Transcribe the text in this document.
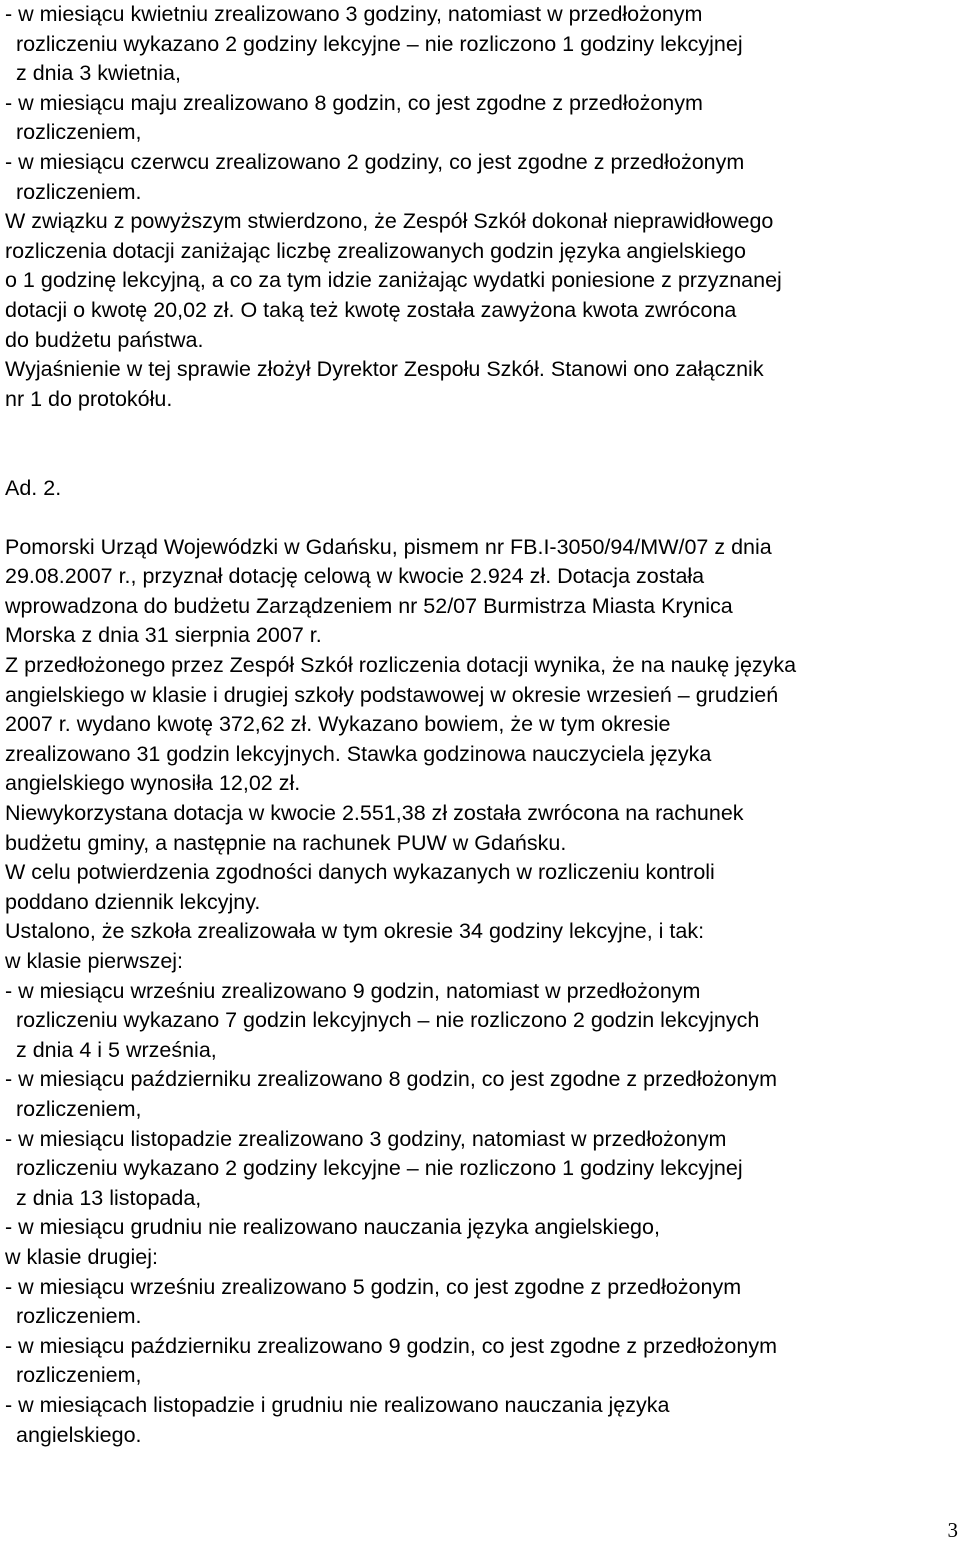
- w miesiącu kwietniu zrealizowano 3 godziny, natomiast w przedłożonym
rozliczeniu wykazano 2 godziny lekcyjne – nie rozliczono 1 godziny lekcyjnej
z dnia 3 kwietnia,
- w miesiącu maju zrealizowano 8 godzin, co jest zgodne z przedłożonym
rozliczeniem,
- w miesiącu czerwcu zrealizowano 2 godziny, co jest zgodne z przedłożonym
rozliczeniem.
W związku z powyższym stwierdzono, że Zespół Szkół dokonał nieprawidłowego
rozliczenia dotacji zaniżając liczbę zrealizowanych godzin języka angielskiego
o 1 godzinę lekcyjną, a co za tym idzie zaniżając wydatki poniesione z przyznanej
dotacji o kwotę 20,02 zł. O taką też kwotę została zawyżona kwota zwrócona
do budżetu państwa.
Wyjaśnienie w tej sprawie złożył Dyrektor Zespołu Szkół. Stanowi ono załącznik
nr 1 do protokółu.
Ad. 2.
Pomorski Urząd Wojewódzki w Gdańsku, pismem nr FB.I-3050/94/MW/07 z dnia
29.08.2007 r., przyznał dotację celową w kwocie 2.924 zł. Dotacja została
wprowadzona do budżetu Zarządzeniem nr 52/07 Burmistrza Miasta Krynica
Morska z dnia 31 sierpnia 2007 r.
Z przedłożonego przez Zespół Szkół rozliczenia dotacji wynika, że na naukę języka
angielskiego w klasie i drugiej szkoły podstawowej w okresie wrzesień – grudzień
2007 r. wydano kwotę 372,62 zł. Wykazano bowiem, że w tym okresie
zrealizowano 31 godzin lekcyjnych. Stawka godzinowa nauczyciela języka
angielskiego wynosiła 12,02 zł.
Niewykorzystana dotacja w kwocie 2.551,38 zł została zwrócona na rachunek
budżetu gminy, a następnie na rachunek PUW w Gdańsku.
W celu potwierdzenia zgodności danych wykazanych w rozliczeniu kontroli
poddano dziennik lekcyjny.
Ustalono, że szkoła zrealizowała w tym okresie 34 godziny lekcyjne, i tak:
w klasie pierwszej:
- w miesiącu wrześniu zrealizowano 9 godzin, natomiast w przedłożonym
rozliczeniu wykazano 7 godzin lekcyjnych – nie rozliczono 2 godzin lekcyjnych
z dnia 4 i 5 września,
- w miesiącu październiku zrealizowano 8 godzin, co jest zgodne z przedłożonym
rozliczeniem,
- w miesiącu listopadzie zrealizowano 3 godziny, natomiast w przedłożonym
rozliczeniu wykazano 2 godziny lekcyjne – nie rozliczono 1 godziny lekcyjnej
z dnia 13 listopada,
- w miesiącu grudniu nie realizowano nauczania języka angielskiego,
w klasie drugiej:
- w miesiącu wrześniu zrealizowano 5 godzin, co jest zgodne z przedłożonym
rozliczeniem.
- w miesiącu październiku zrealizowano 9 godzin, co jest zgodne z przedłożonym
rozliczeniem,
- w miesiącach listopadzie i grudniu nie realizowano nauczania języka
angielskiego.
3
